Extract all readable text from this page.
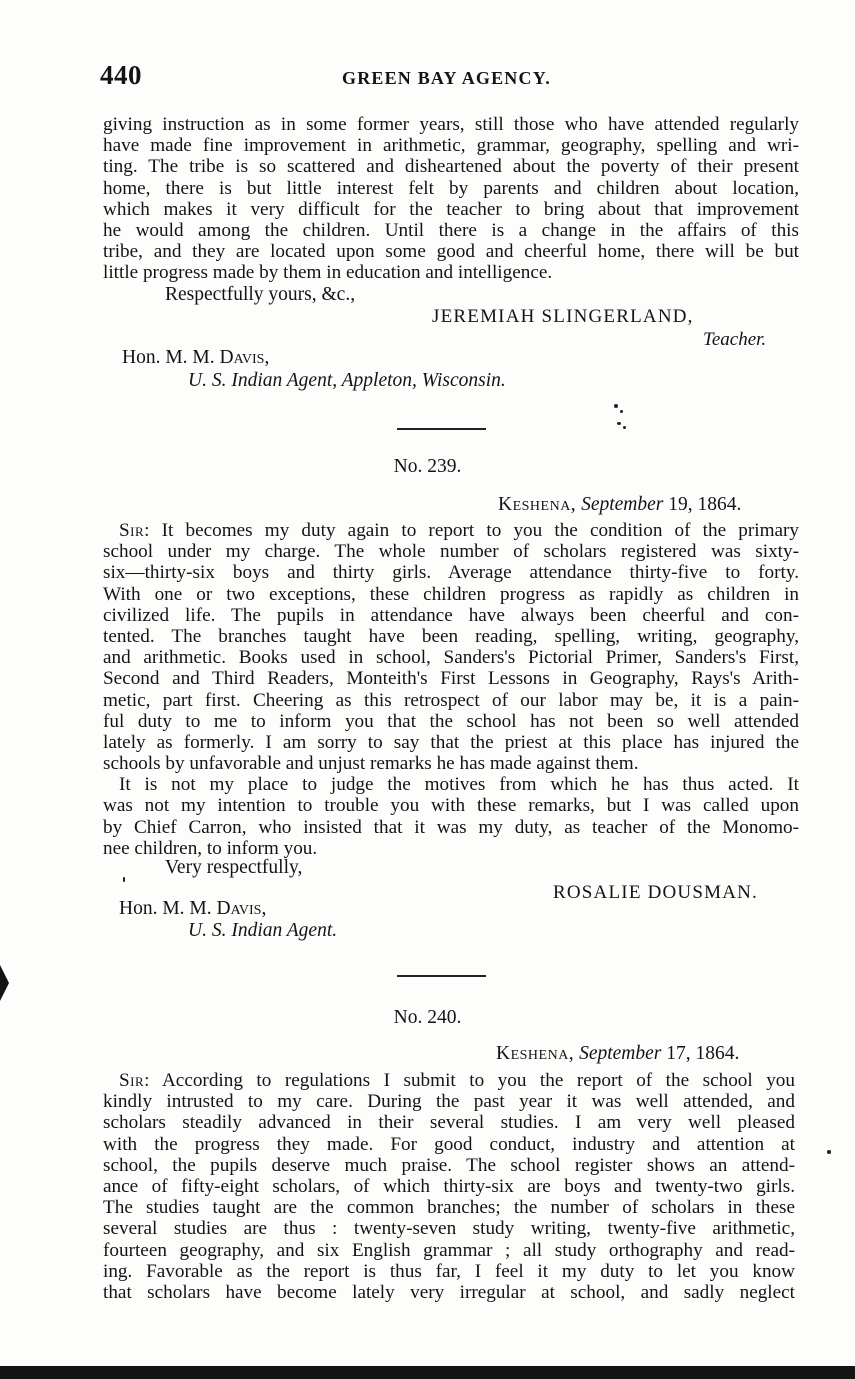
440	GREEN BAY AGENCY.
giving instruction as in some former years, still those who have attended regularly
have made fine improvement in arithmetic, grammar, geography, spelling and wri-
ting. The tribe is so scattered and disheartened about the poverty of their present
home, there is but little interest felt by parents and children about location,
which makes it very difficult for the teacher to bring about that improvement
he would among the children. Until there is a change in the affairs of this
tribe, and they are located upon some good and cheerful home, there will be but
little progress made by them in education and intelligence.
Respectfully yours, &c.,
JEREMIAH SLINGERLAND,
Teacher.
Hon. M. M. Davis,
U. S. Indian Agent, Appleton, Wisconsin.
No. 239.
Keshena, September 19, 1864.
Sir: It becomes my duty again to report to you the condition of the primary
school under my charge. The whole number of scholars registered was sixty-
six—thirty-six boys and thirty girls. Average attendance thirty-five to forty.
With one or two exceptions, these children progress as rapidly as children in
civilized life. The pupils in attendance have always been cheerful and con-
tented. The branches taught have been reading, spelling, writing, geography,
and arithmetic. Books used in school, Sanders's Pictorial Primer, Sanders's First,
Second and Third Readers, Monteith's First Lessons in Geography, Rays's Arith-
metic, part first. Cheering as this retrospect of our labor may be, it is a pain-
ful duty to me to inform you that the school has not been so well attended
lately as formerly. I am sorry to say that the priest at this place has injured the
schools by unfavorable and unjust remarks he has made against them.
It is not my place to judge the motives from which he has thus acted. It
was not my intention to trouble you with these remarks, but I was called upon
by Chief Carron, who insisted that it was my duty, as teacher of the Monomo-
nee children, to inform you.
Very respectfully,
ROSALIE DOUSMAN.
Hon. M. M. Davis,
U. S. Indian Agent.
No. 240.
Keshena, September 17, 1864.
Sir: According to regulations I submit to you the report of the school you
kindly intrusted to my care. During the past year it was well attended, and
scholars steadily advanced in their several studies. I am very well pleased
with the progress they made. For good conduct, industry and attention at
school, the pupils deserve much praise. The school register shows an attend-
ance of fifty-eight scholars, of which thirty-six are boys and twenty-two girls.
The studies taught are the common branches; the number of scholars in these
several studies are thus : twenty-seven study writing, twenty-five arithmetic,
fourteen geography, and six English grammar ; all study orthography and read-
ing. Favorable as the report is thus far, I feel it my duty to let you know
that scholars have become lately very irregular at school, and sadly neglect
